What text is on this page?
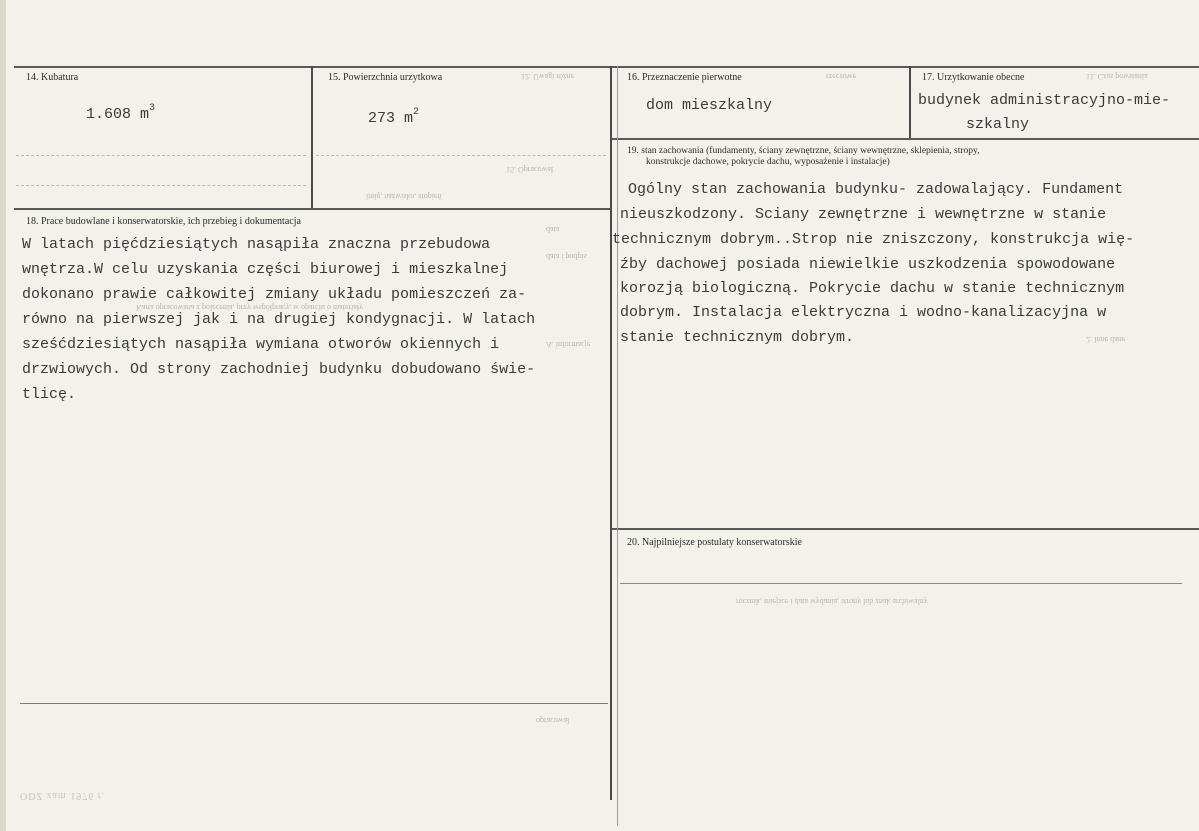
12. Uwagi różne	rzeczowe	11. Czas powstania
15. Opracował
imię, nazwisko, stopień
data
data i podpis
Karta opracowana z polecenia, przy współpracy, w oparciu o materiały
A. informacje
2. Inne dane
rocznik, miejsce i data wydania, strony lub znak archiwalny
opracował
ODZ zam 1976 r.
14. Kubatura
1.608 $m^3$
15. Powierzchnia urzytkowa
273 $m^2$
16. Przeznaczenie pierwotne
dom mieszkalny
17. Urzytkowanie obecne
budynek administracyjno-mie-
szkalny
18. Prace budowlane i konserwatorskie, ich przebieg i dokumentacja
W latach pięćdziesiątych nasąpiła znaczna przebudowa
wnętrza.W celu uzyskania części biurowej i mieszkalnej
dokonano prawie całkowitej zmiany układu pomieszczeń za-
równo na pierwszej jak i na drugiej kondygnacji. W latach
sześćdziesiątych nasąpiła wymiana otworów okiennych i
drzwiowych. Od strony zachodniej budynku dobudowano świe-
tlicę.
19. stan zachowania (fundamenty, ściany zewnętrzne, ściany wewnętrzne, sklepienia, stropy,
konstrukcje dachowe, pokrycie dachu, wyposażenie i instalacje)
Ogólny stan zachowania budynku- zadowalający. Fundament
nieuszkodzony. Sciany zewnętrzne i wewnętrzne w stanie
technicznym dobrym..Strop nie zniszczony, konstrukcja wię-
źby dachowej posiada niewielkie uszkodzenia spowodowane
korozją biologiczną. Pokrycie dachu w stanie technicznym
dobrym. Instalacja elektryczna i wodno-kanalizacyjna w
stanie technicznym dobrym.
20. Najpilniejsze postulaty konserwatorskie
